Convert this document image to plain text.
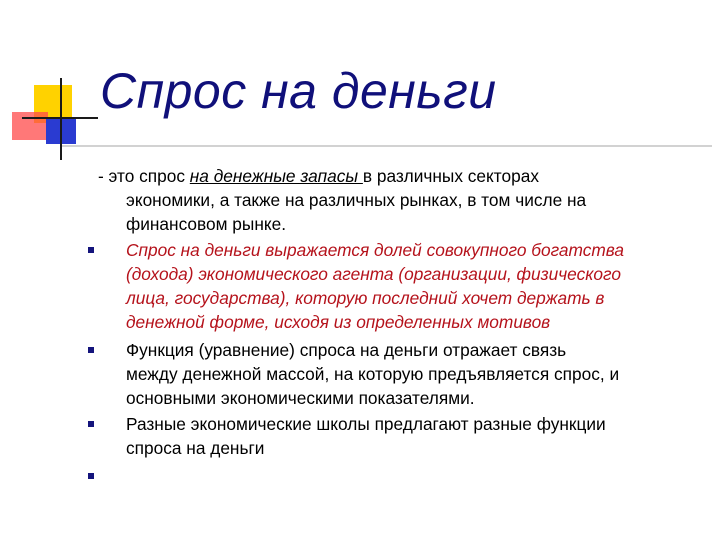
Спрос на деньги
- это спрос на денежные запасы в различных секторах
экономики, а также на различных рынках, в том числе на
финансовом рынке.
Спрос на деньги выражается долей совокупного богатства
(дохода) экономического агента (организации, физического
лица, государства), которую последний хочет держать в
денежной форме, исходя из определенных мотивов
Функция (уравнение) спроса на деньги отражает связь
между денежной массой, на которую предъявляется спрос, и
основными экономическими показателями.
Разные экономические школы предлагают разные функции
спроса на деньги
